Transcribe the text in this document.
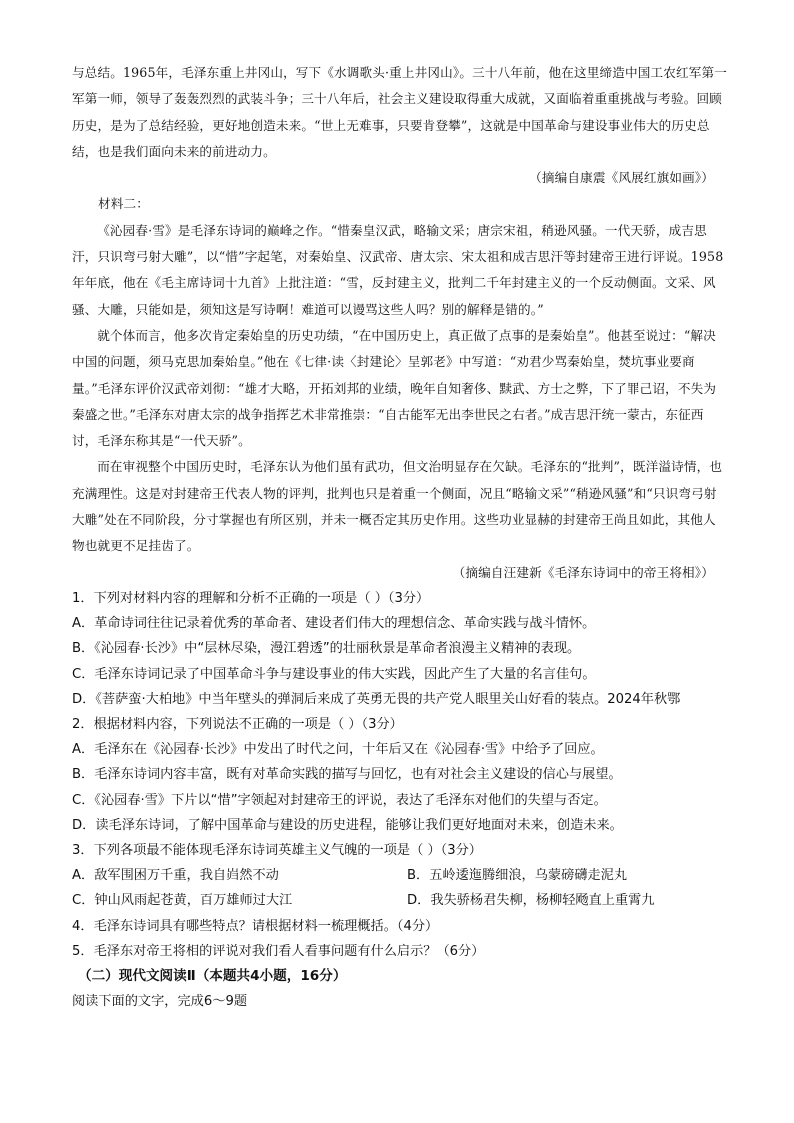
与总结。1965年，毛泽东重上井冈山，写下《水调歌头·重上井冈山》。三十八年前，他在这里缔造中国工农红军第一军第一师，领导了轰轰烈烈的武装斗争；三十八年后，社会主义建设取得重大成就，又面临着重重挑战与考验。回顾历史，是为了总结经验，更好地创造未来。“世上无难事，只要肯登攀”，这就是中国革命与建设事业伟大的历史总结，也是我们面向未来的前进动力。

（摘编自康震《风展红旗如画》）

材料二：

《沁园春·雪》是毛泽东诗词的巅峰之作。“惜秦皇汉武，略输文采；唐宗宋祖，稍逊风骚。一代天骄，成吉思汗，只识弯弓射大雕”，以“惜”字起笔，对秦始皇、汉武帝、唐太宗、宋太祖和成吉思汗等封建帝王进行评说。1958年年底，他在《毛主席诗词十九首》上批注道：“雪，反封建主义，批判二千年封建主义的一个反动侧面。文采、风骚、大雕，只能如是，须知这是写诗啊！难道可以谩骂这些人吗？别的解释是错的。”

就个体而言，他多次肯定秦始皇的历史功绩，“在中国历史上，真正做了点事的是秦始皇”。他甚至说过：“解决中国的问题，须马克思加秦始皇。”他在《七律·读〈封建论〉呈郭老》中写道：“劝君少骂秦始皇，焚坑事业要商量。”毛泽东评价汉武帝刘彻：“雄才大略，开拓刘邦的业绩，晚年自知奢侈、黩武、方士之弊，下了罪己诏，不失为秦盛之世。”毛泽东对唐太宗的战争指挥艺术非常推崇：“自古能军无出李世民之右者。”成吉思汗统一蒙古，东征西讨，毛泽东称其是“一代天骄”。

而在审视整个中国历史时，毛泽东认为他们虽有武功，但文治明显存在欠缺。毛泽东的“批判”，既洋溢诗情，也充满理性。这是对封建帝王代表人物的评判，批判也只是着重一个侧面，况且“略输文采”“稍逊风骚”和“只识弯弓射大雕”处在不同阶段，分寸掌握也有所区别，并未一概否定其历史作用。这些功业显赫的封建帝王尚且如此，其他人物也就更不足挂齿了。

（摘编自汪建新《毛泽东诗词中的帝王将相》）

1．下列对材料内容的理解和分析不正确的一项是（ ）（3分）

A．革命诗词往往记录着优秀的革命者、建设者们伟大的理想信念、革命实践与战斗情怀。

B．《沁园春·长沙》中“层林尽染，漫江碧透”的壮丽秋景是革命者浪漫主义精神的表现。

C．毛泽东诗词记录了中国革命斗争与建设事业的伟大实践，因此产生了大量的名言佳句。

D．《菩萨蛮·大柏地》中当年壁头的弹洞后来成了英勇无畏的共产党人眼里关山好看的装点。2024年秋鄂

2．根据材料内容，下列说法不正确的一项是（ ）（3分）

A．毛泽东在《沁园春·长沙》中发出了时代之问，十年后又在《沁园春·雪》中给予了回应。

B．毛泽东诗词内容丰富，既有对革命实践的描写与回忆，也有对社会主义建设的信心与展望。

C．《沁园春·雪》下片以“惜”字领起对封建帝王的评说，表达了毛泽东对他们的失望与否定。

D．读毛泽东诗词，了解中国革命与建设的历史进程，能够让我们更好地面对未来，创造未来。

3．下列各项最不能体现毛泽东诗词英雄主义气魄的一项是（ ）（3分）

A．敌军围困万千重，我自岿然不动	B．五岭逶迤腾细浪，乌蒙磅礴走泥丸
C．钟山风雨起苍黄，百万雄师过大江	D．我失骄杨君失柳，杨柳轻飏直上重霄九

4．毛泽东诗词具有哪些特点？请根据材料一梳理概括。（4分）

5．毛泽东对帝王将相的评说对我们看人看事问题有什么启示？（6分）

（二）现代文阅读Ⅱ（本题共4小题，16分）

阅读下面的文字，完成6～9题
